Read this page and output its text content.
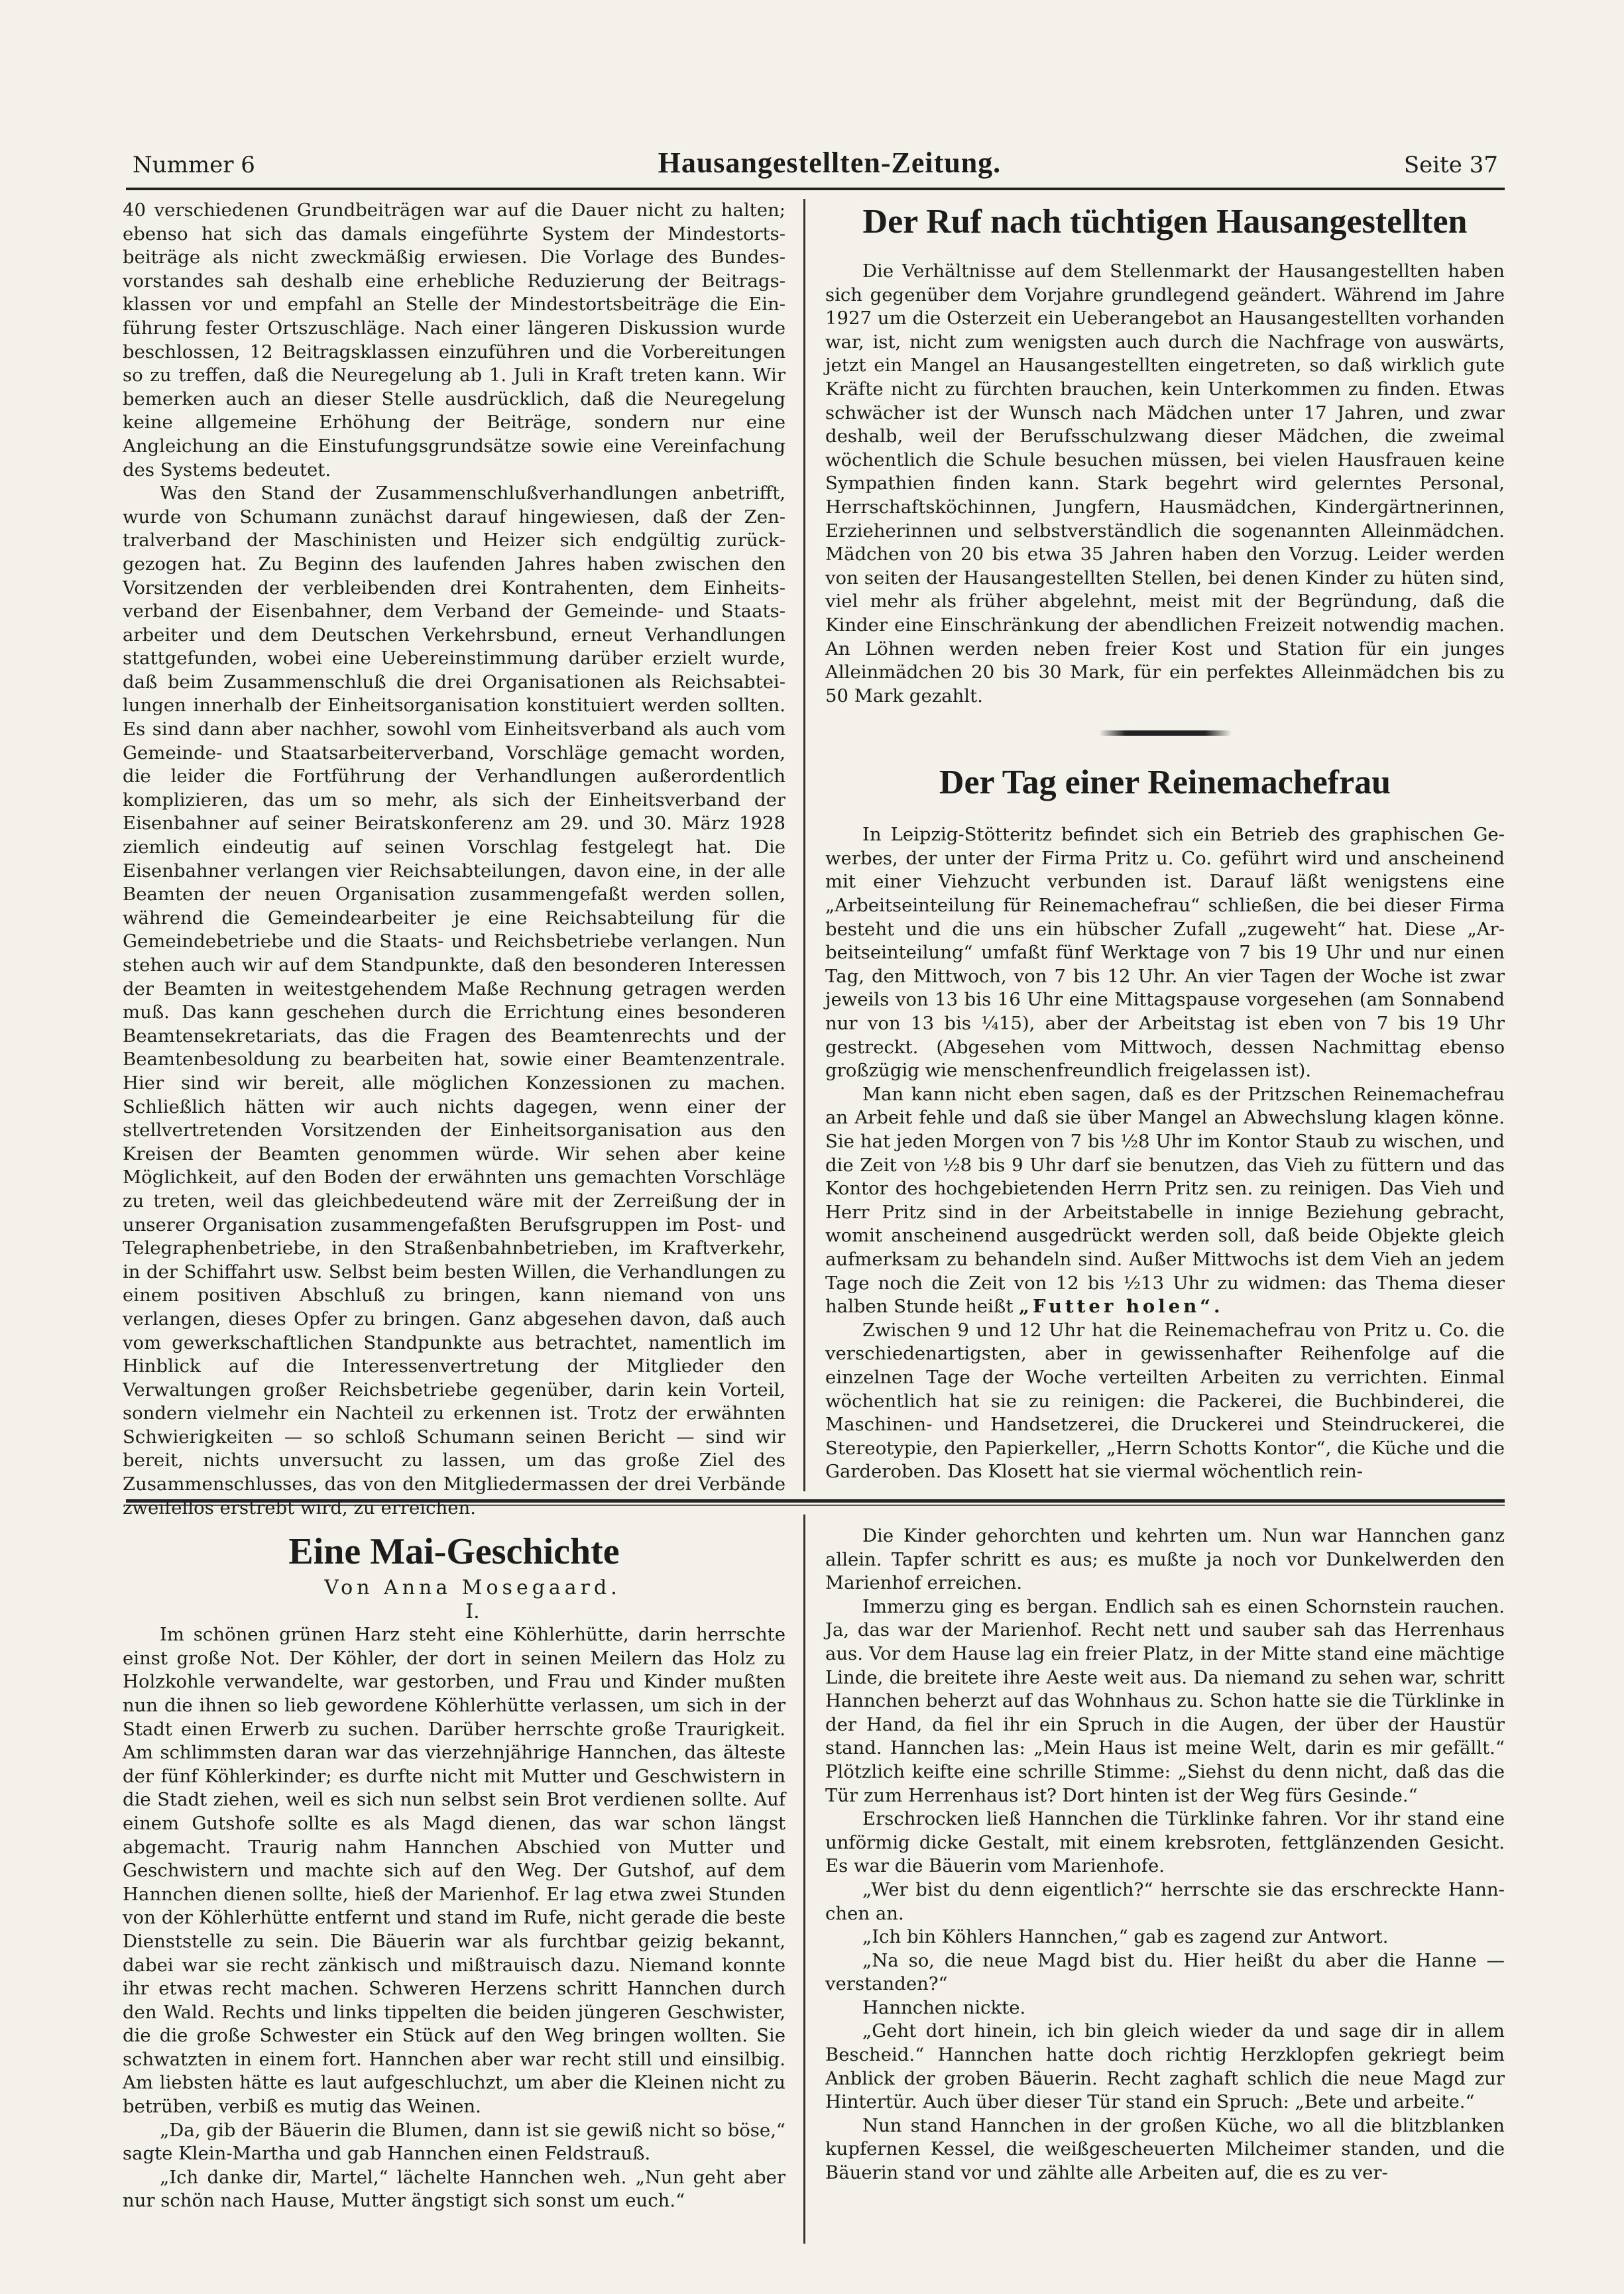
Nummer 6	Hausangestellten-Zeitung.	Seite 37

40 verschiedenen Grundbeiträgen war auf die Dauer nicht zu halten; ebenso hat sich das damals eingeführte System der Mindestortsbeiträge als nicht zweckmäßig erwiesen. Die Vorlage des Bundesvorstandes sah deshalb eine erhebliche Reduzierung der Beitragsklassen vor und empfahl an Stelle der Mindestortsbeiträge die Einführung fester Ortszuschläge. Nach einer längeren Diskussion wurde beschlossen, 12 Beitragsklassen einzuführen und die Vorbereitungen so zu treffen, daß die Neuregelung ab 1. Juli in Kraft treten kann. Wir bemerken auch an dieser Stelle ausdrücklich, daß die Neuregelung keine allgemeine Erhöhung der Beiträge, sondern nur eine Angleichung an die Einstufungsgrundsätze sowie eine Vereinfachung des Systems bedeutet.

Was den Stand der Zusammenschlußverhandlungen anbetrifft, wurde von Schumann zunächst darauf hingewiesen, daß der Zentralverband der Maschinisten und Heizer sich endgültig zurückgezogen hat. Zu Beginn des laufenden Jahres haben zwischen den Vorsitzenden der verbleibenden drei Kontrahenten, dem Einheitsverband der Eisenbahner, dem Verband der Gemeinde- und Staatsarbeiter und dem Deutschen Verkehrsbund, erneut Verhandlungen stattgefunden, wobei eine Uebereinstimmung darüber erzielt wurde, daß beim Zusammenschluß die drei Organisationen als Reichsabteilungen innerhalb der Einheitsorganisation konstituiert werden sollten. Es sind dann aber nachher, sowohl vom Einheitsverband als auch vom Gemeinde- und Staatsarbeiterverband, Vorschläge gemacht worden, die leider die Fortführung der Verhandlungen außerordentlich komplizieren, das um so mehr, als sich der Einheitsverband der Eisenbahner auf seiner Beiratskonferenz am 29. und 30. März 1928 ziemlich eindeutig auf seinen Vorschlag festgelegt hat. Die Eisenbahner verlangen vier Reichsabteilungen, davon eine, in der alle Beamten der neuen Organisation zusammengefaßt werden sollen, während die Gemeindearbeiter je eine Reichsabteilung für die Gemeindebetriebe und die Staats- und Reichsbetriebe verlangen. Nun stehen auch wir auf dem Standpunkte, daß den besonderen Interessen der Beamten in weitestgehendem Maße Rechnung getragen werden muß. Das kann geschehen durch die Errichtung eines besonderen Beamtensekretariats, das die Fragen des Beamtenrechts und der Beamtenbesoldung zu bearbeiten hat, sowie einer Beamtenzentrale. Hier sind wir bereit, alle möglichen Konzessionen zu machen. Schließlich hätten wir auch nichts dagegen, wenn einer der stellvertretenden Vorsitzenden der Einheitsorganisation aus den Kreisen der Beamten genommen würde. Wir sehen aber keine Möglichkeit, auf den Boden der erwähnten uns gemachten Vorschläge zu treten, weil das gleichbedeutend wäre mit der Zerreißung der in unserer Organisation zusammengefaßten Berufsgruppen im Post- und Telegraphenbetriebe, in den Straßenbahnbetrieben, im Kraftverkehr, in der Schiffahrt usw. Selbst beim besten Willen, die Verhandlungen zu einem positiven Abschluß zu bringen, kann niemand von uns verlangen, dieses Opfer zu bringen. Ganz abgesehen davon, daß auch vom gewerkschaftlichen Standpunkte aus betrachtet, namentlich im Hinblick auf die Interessenvertretung der Mitglieder den Verwaltungen großer Reichsbetriebe gegenüber, darin kein Vorteil, sondern vielmehr ein Nachteil zu erkennen ist. Trotz der erwähnten Schwierigkeiten — so schloß Schumann seinen Bericht — sind wir bereit, nichts unversucht zu lassen, um das große Ziel des Zusammenschlusses, das von den Mitgliedermassen der drei Verbände zweifellos erstrebt wird, zu erreichen.

Der Ruf nach tüchtigen Hausangestellten

Die Verhältnisse auf dem Stellenmarkt der Hausangestellten haben sich gegenüber dem Vorjahre grundlegend geändert. Während im Jahre 1927 um die Osterzeit ein Ueberangebot an Hausangestellten vorhanden war, ist, nicht zum wenigsten auch durch die Nachfrage von auswärts, jetzt ein Mangel an Hausangestellten eingetreten, so daß wirklich gute Kräfte nicht zu fürchten brauchen, kein Unterkommen zu finden. Etwas schwächer ist der Wunsch nach Mädchen unter 17 Jahren, und zwar deshalb, weil der Berufsschulzwang dieser Mädchen, die zweimal wöchentlich die Schule besuchen müssen, bei vielen Hausfrauen keine Sympathien finden kann. Stark begehrt wird gelerntes Personal, Herrschaftsköchinnen, Jungfern, Hausmädchen, Kindergärtnerinnen, Erzieherinnen und selbstverständlich die sogenannten Alleinmädchen. Mädchen von 20 bis etwa 35 Jahren haben den Vorzug. Leider werden von seiten der Hausangestellten Stellen, bei denen Kinder zu hüten sind, viel mehr als früher abgelehnt, meist mit der Begründung, daß die Kinder eine Einschränkung der abendlichen Freizeit notwendig machen. An Löhnen werden neben freier Kost und Station für ein junges Alleinmädchen 20 bis 30 Mark, für ein perfektes Alleinmädchen bis zu 50 Mark gezahlt.

Der Tag einer Reinemachefrau

In Leipzig-Stötteritz befindet sich ein Betrieb des graphischen Gewerbes, der unter der Firma Pritz u. Co. geführt wird und anscheinend mit einer Viehzucht verbunden ist. Darauf läßt wenigstens eine „Arbeitseinteilung für Reinemachefrau“ schließen, die bei dieser Firma besteht und die uns ein hübscher Zufall „zugeweht“ hat. Diese „Arbeitseinteilung“ umfaßt fünf Werktage von 7 bis 19 Uhr und nur einen Tag, den Mittwoch, von 7 bis 12 Uhr. An vier Tagen der Woche ist zwar jeweils von 13 bis 16 Uhr eine Mittagspause vorgesehen (am Sonnabend nur von 13 bis ¼15), aber der Arbeitstag ist eben von 7 bis 19 Uhr gestreckt. (Abgesehen vom Mittwoch, dessen Nachmittag ebenso großzügig wie menschenfreundlich freigelassen ist).

Man kann nicht eben sagen, daß es der Pritzschen Reinemachefrau an Arbeit fehle und daß sie über Mangel an Abwechslung klagen könne. Sie hat jeden Morgen von 7 bis ½8 Uhr im Kontor Staub zu wischen, und die Zeit von ½8 bis 9 Uhr darf sie benutzen, das Vieh zu füttern und das Kontor des hochgebietenden Herrn Pritz sen. zu reinigen. Das Vieh und Herr Pritz sind in der Arbeitstabelle in innige Beziehung gebracht, womit anscheinend ausgedrückt werden soll, daß beide Objekte gleich aufmerksam zu behandeln sind. Außer Mittwochs ist dem Vieh an jedem Tage noch die Zeit von 12 bis ½13 Uhr zu widmen: das Thema dieser halben Stunde heißt „Futter holen“.

Zwischen 9 und 12 Uhr hat die Reinemachefrau von Pritz u. Co. die verschiedenartigsten, aber in gewissenhafter Reihenfolge auf die einzelnen Tage der Woche verteilten Arbeiten zu verrichten. Einmal wöchentlich hat sie zu reinigen: die Packerei, die Buchbinderei, die Maschinen- und Handsetzerei, die Druckerei und Steindruckerei, die Stereotypie, den Papierkeller, „Herrn Schotts Kontor“, die Küche und die Garderoben. Das Klosett hat sie viermal wöchentlich rein-

Eine Mai-Geschichte

Von Anna Mosegaard.

I.

Im schönen grünen Harz steht eine Köhlerhütte, darin herrschte einst große Not. Der Köhler, der dort in seinen Meilern das Holz zu Holzkohle verwandelte, war gestorben, und Frau und Kinder mußten nun die ihnen so lieb gewordene Köhlerhütte verlassen, um sich in der Stadt einen Erwerb zu suchen. Darüber herrschte große Traurigkeit. Am schlimmsten daran war das vierzehnjährige Hannchen, das älteste der fünf Köhlerkinder; es durfte nicht mit Mutter und Geschwistern in die Stadt ziehen, weil es sich nun selbst sein Brot verdienen sollte. Auf einem Gutshofe sollte es als Magd dienen, das war schon längst abgemacht. Traurig nahm Hannchen Abschied von Mutter und Geschwistern und machte sich auf den Weg. Der Gutshof, auf dem Hannchen dienen sollte, hieß der Marienhof. Er lag etwa zwei Stunden von der Köhlerhütte entfernt und stand im Rufe, nicht gerade die beste Dienststelle zu sein. Die Bäuerin war als furchtbar geizig bekannt, dabei war sie recht zänkisch und mißtrauisch dazu. Niemand konnte ihr etwas recht machen. Schweren Herzens schritt Hannchen durch den Wald. Rechts und links tippelten die beiden jüngeren Geschwister, die die große Schwester ein Stück auf den Weg bringen wollten. Sie schwatzten in einem fort. Hannchen aber war recht still und einsilbig. Am liebsten hätte es laut aufgeschluchzt, um aber die Kleinen nicht zu betrüben, verbiß es mutig das Weinen.

„Da, gib der Bäuerin die Blumen, dann ist sie gewiß nicht so böse,“ sagte Klein-Martha und gab Hannchen einen Feldstrauß.

„Ich danke dir, Martel,“ lächelte Hannchen weh. „Nun geht aber nur schön nach Hause, Mutter ängstigt sich sonst um euch.“

Die Kinder gehorchten und kehrten um. Nun war Hannchen ganz allein. Tapfer schritt es aus; es mußte ja noch vor Dunkelwerden den Marienhof erreichen.

Immerzu ging es bergan. Endlich sah es einen Schornstein rauchen. Ja, das war der Marienhof. Recht nett und sauber sah das Herrenhaus aus. Vor dem Hause lag ein freier Platz, in der Mitte stand eine mächtige Linde, die breitete ihre Aeste weit aus. Da niemand zu sehen war, schritt Hannchen beherzt auf das Wohnhaus zu. Schon hatte sie die Türklinke in der Hand, da fiel ihr ein Spruch in die Augen, der über der Haustür stand. Hannchen las: „Mein Haus ist meine Welt, darin es mir gefällt.“ Plötzlich keifte eine schrille Stimme: „Siehst du denn nicht, daß das die Tür zum Herrenhaus ist? Dort hinten ist der Weg fürs Gesinde.“

Erschrocken ließ Hannchen die Türklinke fahren. Vor ihr stand eine unförmig dicke Gestalt, mit einem krebsroten, fettglänzenden Gesicht. Es war die Bäuerin vom Marienhofe.

„Wer bist du denn eigentlich?“ herrschte sie das erschreckte Hannchen an.

„Ich bin Köhlers Hannchen,“ gab es zagend zur Antwort.

„Na so, die neue Magd bist du. Hier heißt du aber die Hanne — verstanden?“

Hannchen nickte.

„Geht dort hinein, ich bin gleich wieder da und sage dir in allem Bescheid.“ Hannchen hatte doch richtig Herzklopfen gekriegt beim Anblick der groben Bäuerin. Recht zaghaft schlich die neue Magd zur Hintertür. Auch über dieser Tür stand ein Spruch: „Bete und arbeite.“

Nun stand Hannchen in der großen Küche, wo all die blitzblanken kupfernen Kessel, die weißgescheuerten Milcheimer standen, und die Bäuerin stand vor und zählte alle Arbeiten auf, die es zu ver-
